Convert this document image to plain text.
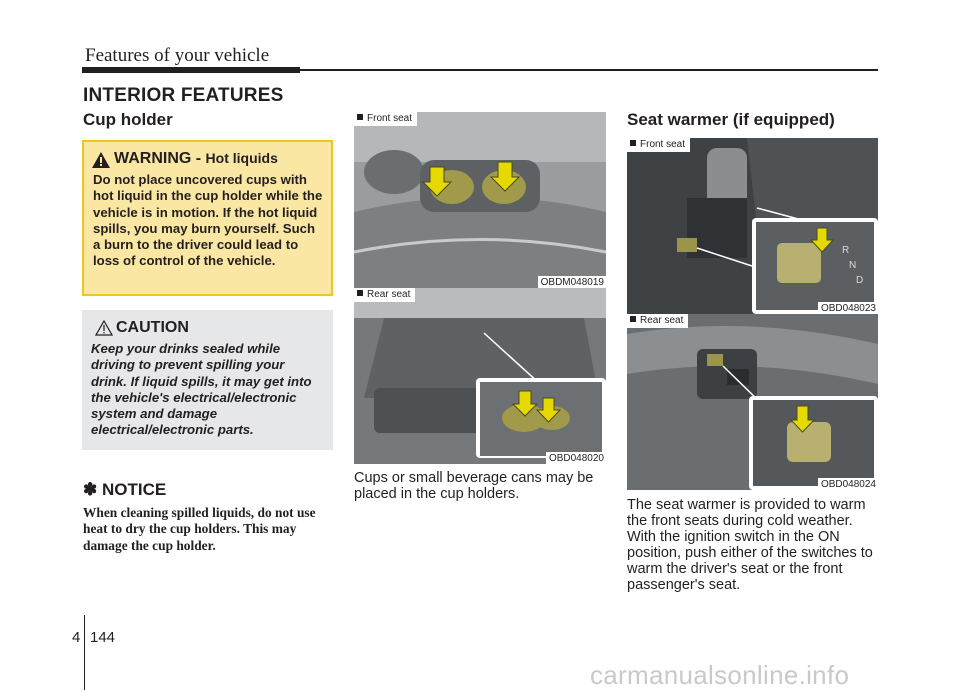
Features of your vehicle
INTERIOR FEATURES
Cup holder	Seat warmer (if equipped)
WARNING - Hot liquids
Do not place uncovered cups with hot liquid in the cup holder while the vehicle is in motion. If the hot liquid spills, you may burn yourself. Such a burn to the driver could lead to loss of control of the vehicle.
CAUTION
Keep your drinks sealed while driving to prevent spilling your drink. If liquid spills, it may get into the vehicle's electrical/electronic system and damage electrical/electronic parts.
✽ NOTICE
When cleaning spilled liquids, do not use heat to dry the cup holders. This may damage the cup holder.
Front seat
OBDM048019
Rear seat
OBD048020
R
N
D
Front seat
OBD048023
Rear seat
OBD048024
Cups or small beverage cans may be placed in the cup holders.
The seat warmer is provided to warm the front seats during cold weather. With the ignition switch in the ON position, push either of the switches to warm the driver's seat or the front passenger's seat.
4 144
carmanualsonline.info
